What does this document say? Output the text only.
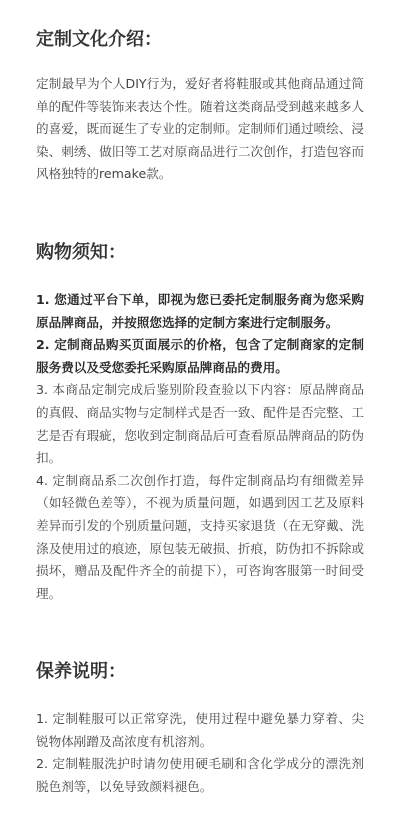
定制文化介绍：

定制最早为个人DIY行为，爱好者将鞋服或其他商品通过简单的配件等装饰来表达个性。随着这类商品受到越来越多人的喜爱，既而诞生了专业的定制师。定制师们通过喷绘、浸染、刺绣、做旧等工艺对原商品进行二次创作，打造包容而风格独特的remake款。

购物须知：

1. 您通过平台下单，即视为您已委托定制服务商为您采购原品牌商品，并按照您选择的定制方案进行定制服务。

2. 定制商品购买页面展示的价格，包含了定制商家的定制服务费以及受您委托采购原品牌商品的费用。

3. 本商品定制完成后鉴别阶段查验以下内容：原品牌商品的真假、商品实物与定制样式是否一致、配件是否完整、工艺是否有瑕疵，您收到定制商品后可查看原品牌商品的防伪扣。

4. 定制商品系二次创作打造，每件定制商品均有细微差异（如轻微色差等），不视为质量问题，如遇到因工艺及原料差异而引发的个别质量问题，支持买家退货（在无穿戴、洗涤及使用过的痕迹，原包装无破损、折痕，防伪扣不拆除或损坏，赠品及配件齐全的前提下），可咨询客服第一时间受理。

保养说明：

1. 定制鞋服可以正常穿洗，使用过程中避免暴力穿着、尖锐物体剐蹭及高浓度有机溶剂。

2. 定制鞋服洗护时请勿使用硬毛刷和含化学成分的漂洗剂脱色剂等，以免导致颜料褪色。
